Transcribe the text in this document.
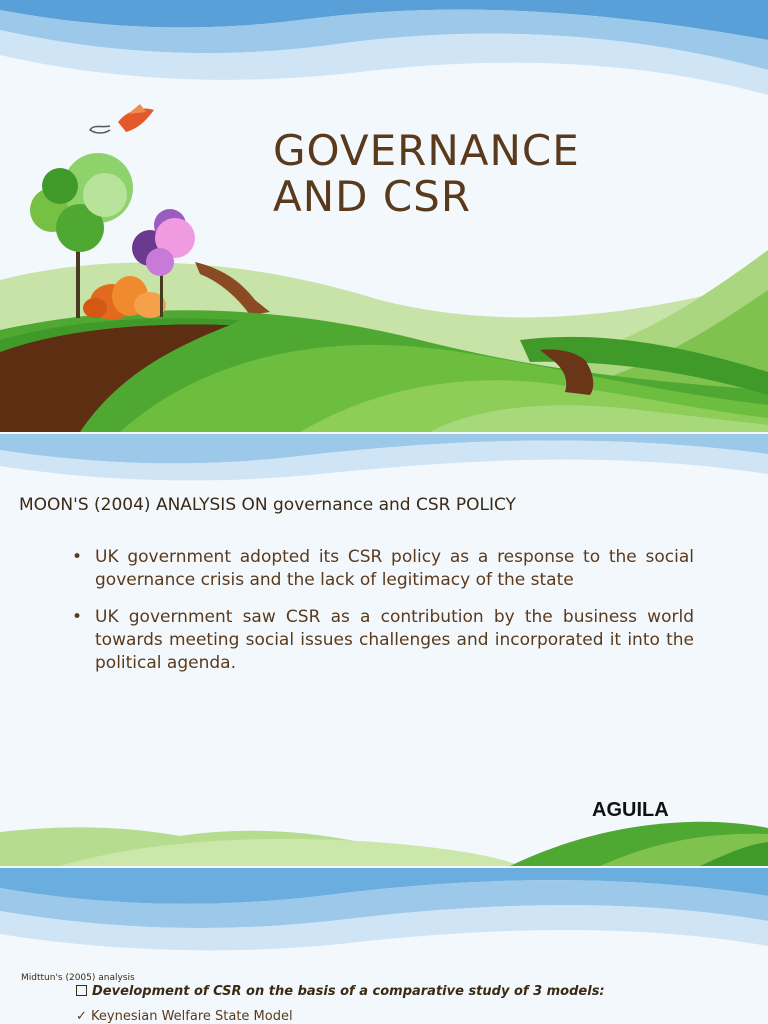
GOVERNANCE
AND CSR
MOON'S (2004) ANALYSIS ON governance and CSR POLICY
• UK government adopted its CSR policy as a response to the social governance crisis and the lack of legitimacy of the state
• UK government saw CSR as a contribution by the business world towards meeting social issues challenges and incorporated it into the political agenda.
AGUILA
Midttun's (2005) analysis
Development of CSR on the basis of a comparative study of 3 models:
✓ Keynesian Welfare State Model
